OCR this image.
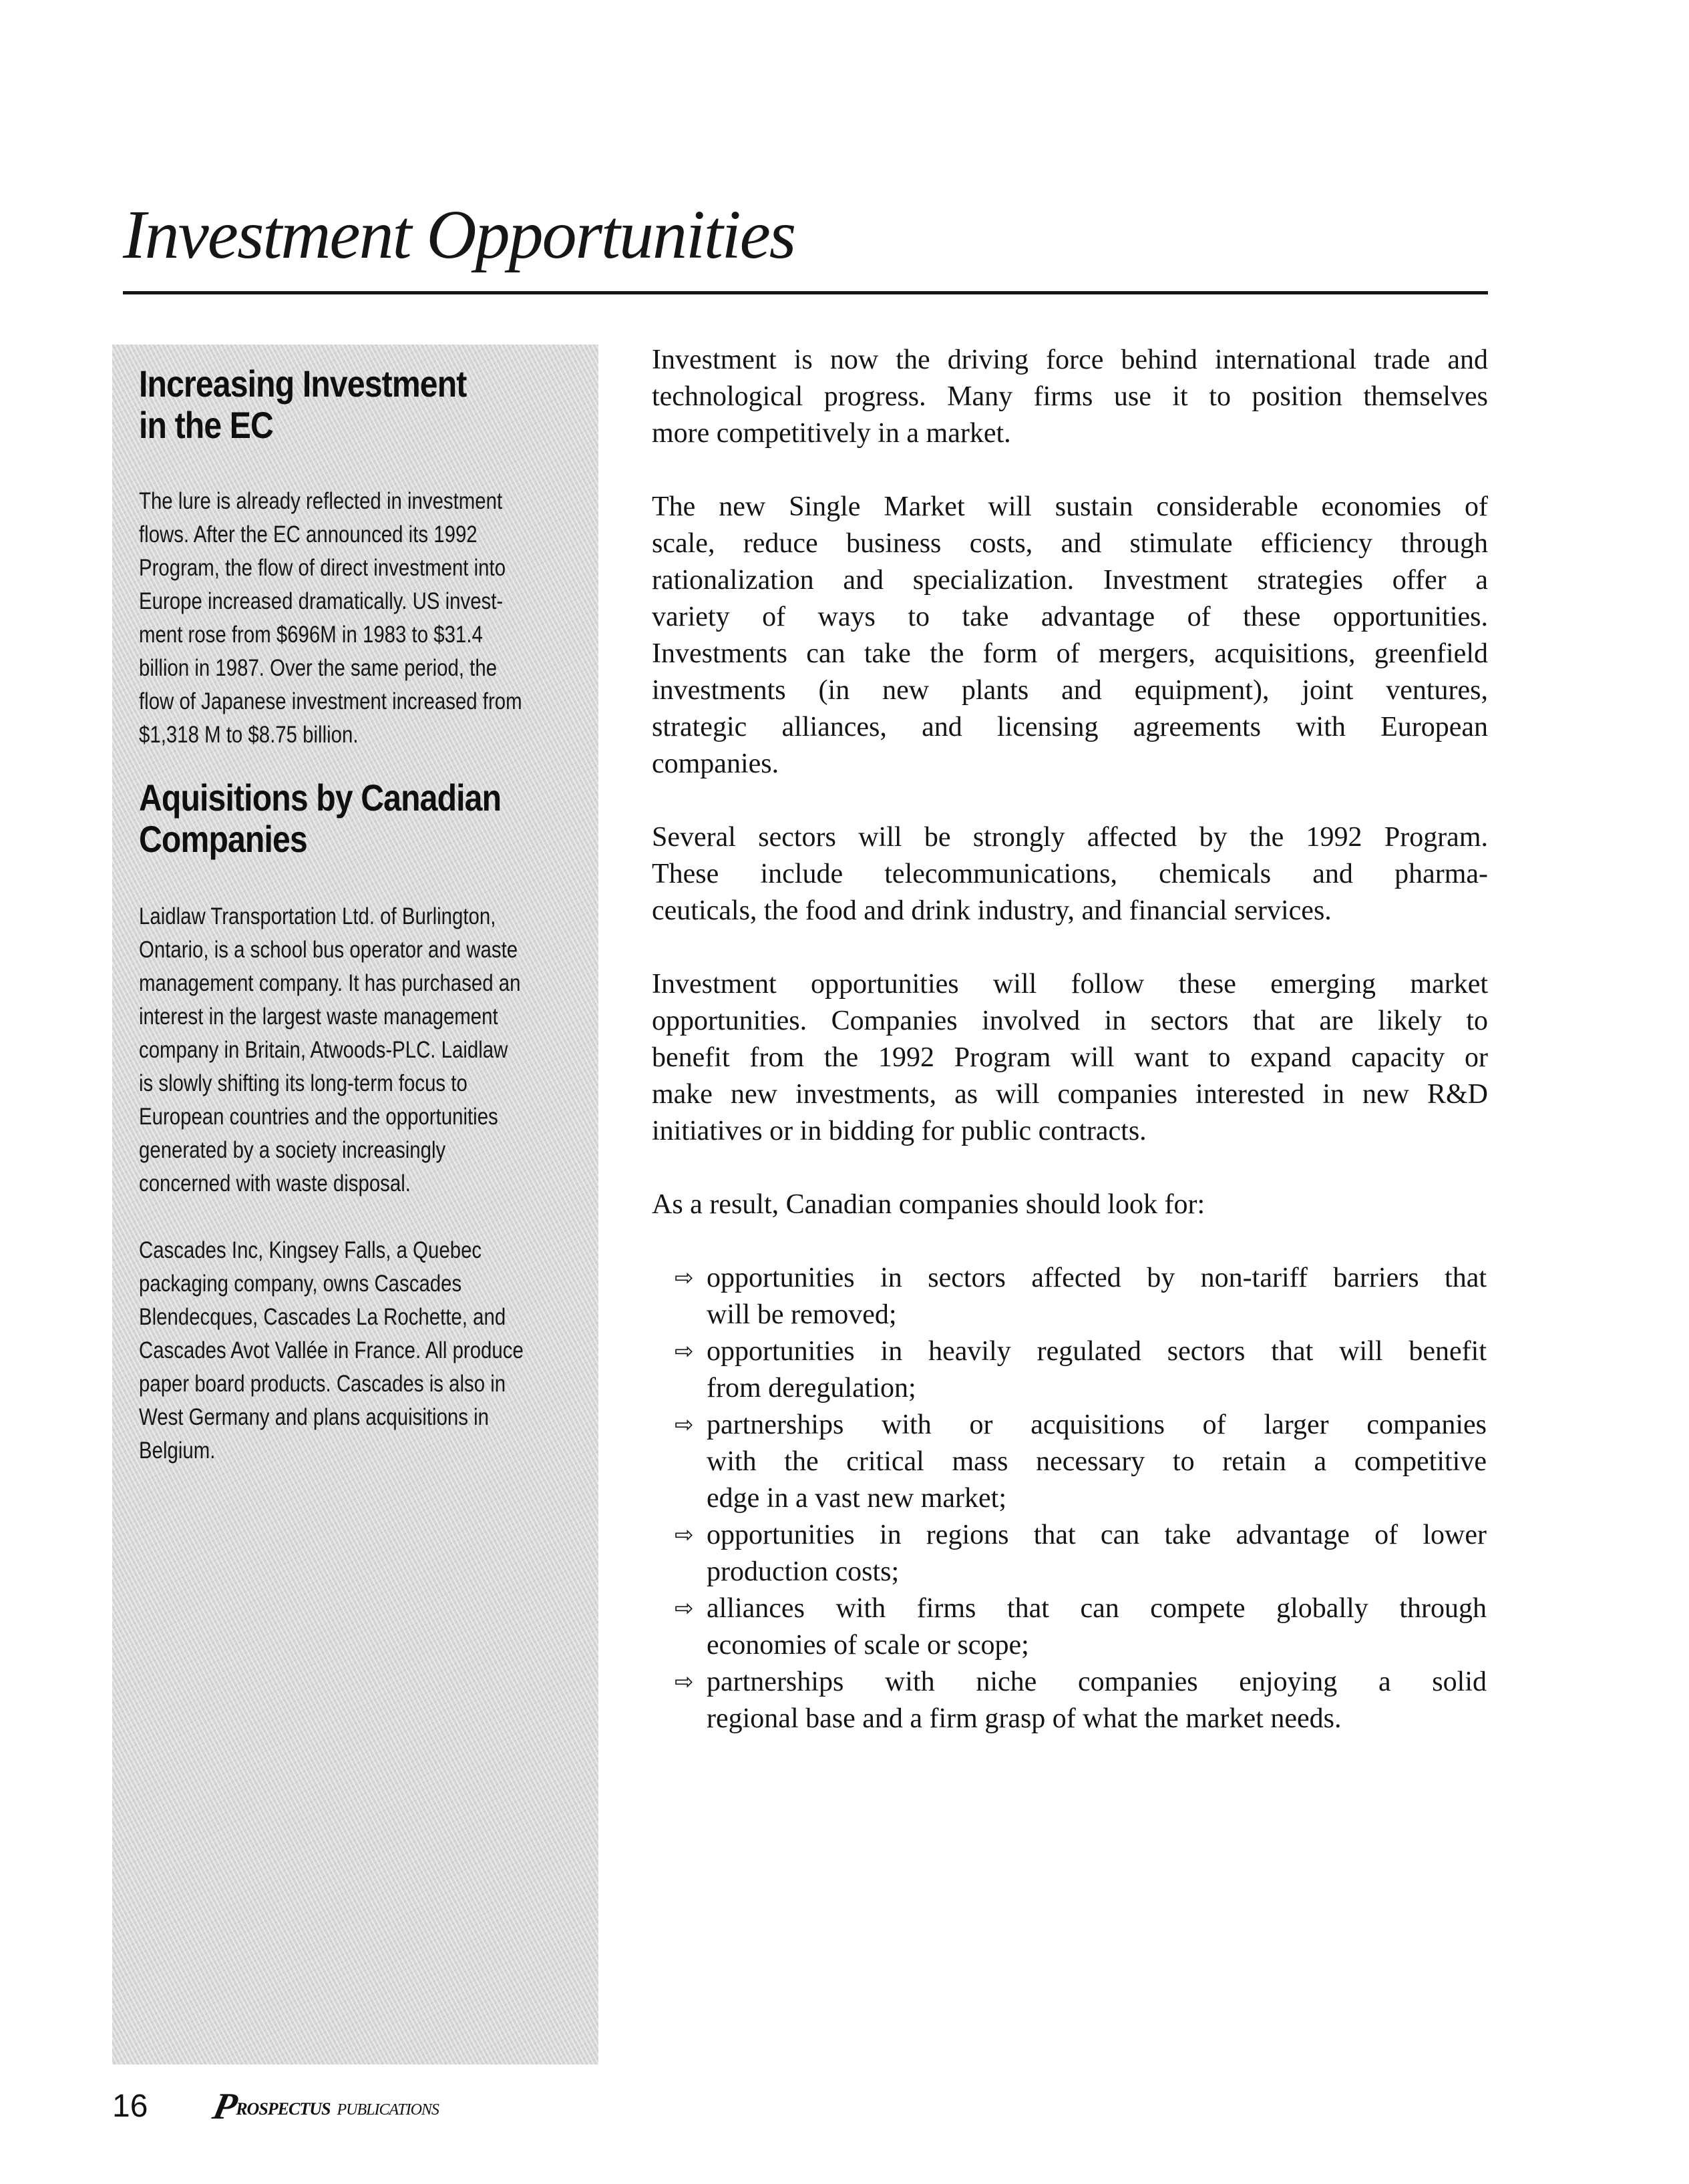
Investment Opportunities
Increasing Investment
in the EC

The lure is already reflected in investment
flows. After the EC announced its 1992
Program, the flow of direct investment into
Europe increased dramatically. US invest-
ment rose from $696M in 1983 to $31.4
billion in 1987. Over the same period, the
flow of Japanese investment increased from
$1,318 M to $8.75 billion.

Aquisitions by Canadian
Companies

Laidlaw Transportation Ltd. of Burlington,
Ontario, is a school bus operator and waste
management company. It has purchased an
interest in the largest waste management
company in Britain, Atwoods-PLC. Laidlaw
is slowly shifting its long-term focus to
European countries and the opportunities
generated by a society increasingly
concerned with waste disposal.

Cascades Inc, Kingsey Falls, a Quebec
packaging company, owns Cascades
Blendecques, Cascades La Rochette, and
Cascades Avot Vallée in France. All produce
paper board products. Cascades is also in
West Germany and plans acquisitions in
Belgium.

Investment is now the driving force behind international trade and
technological progress. Many firms use it to position themselves
more competitively in a market.

The new Single Market will sustain considerable economies of
scale, reduce business costs, and stimulate efficiency through
rationalization and specialization. Investment strategies offer a
variety of ways to take advantage of these opportunities.
Investments can take the form of mergers, acquisitions, greenfield
investments (in new plants and equipment), joint ventures,
strategic alliances, and licensing agreements with European
companies.

Several sectors will be strongly affected by the 1992 Program.
These include telecommunications, chemicals and pharma-
ceuticals, the food and drink industry, and financial services.

Investment opportunities will follow these emerging market
opportunities. Companies involved in sectors that are likely to
benefit from the 1992 Program will want to expand capacity or
make new investments, as will companies interested in new R&D
initiatives or in bidding for public contracts.

As a result, Canadian companies should look for:

⇨ opportunities in sectors affected by non-tariff barriers that
will be removed;
⇨ opportunities in heavily regulated sectors that will benefit
from deregulation;
⇨ partnerships with or acquisitions of larger companies
with the critical mass necessary to retain a competitive
edge in a vast new market;
⇨ opportunities in regions that can take advantage of lower
production costs;
⇨ alliances with firms that can compete globally through
economies of scale or scope;
⇨ partnerships with niche companies enjoying a solid
regional base and a firm grasp of what the market needs.
16 PROSPECTUS PUBLICATIONS
